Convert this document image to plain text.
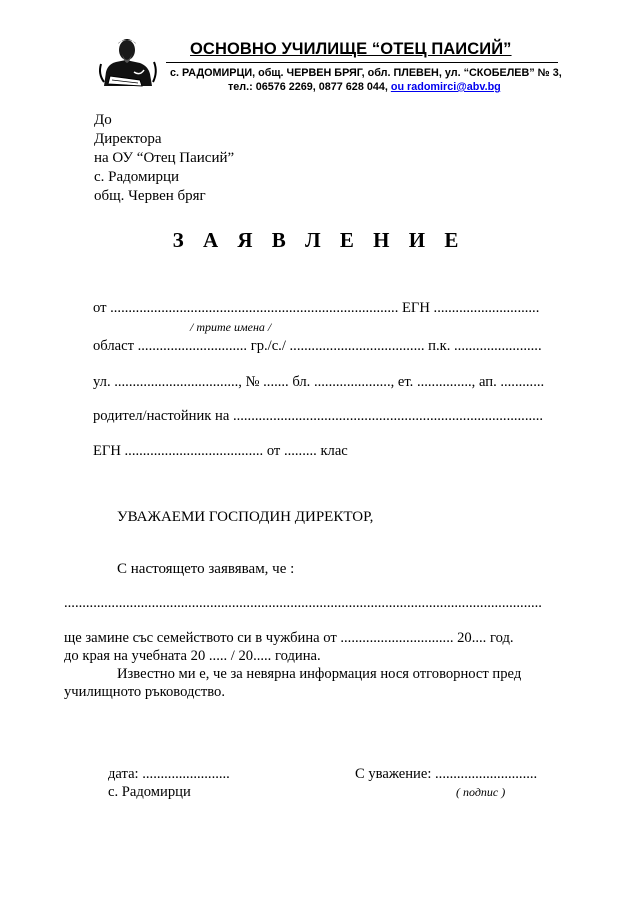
ОСНОВНО УЧИЛИЩЕ “ОТЕЦ ПАИСИЙ”
с. РАДОМИРЦИ, общ. ЧЕРВЕН БРЯГ, обл. ПЛЕВЕН, ул. “СКОБЕЛЕВ” № 3,
тел.: 06576 2269, 0877 628 044, ou radomirci@abv.bg
До
Директора
на ОУ “Отец Паисий”
с. Радомирци
общ. Червен бряг
З А Я В Л Е Н И Е
от ............................................................................... ЕГН .............................
/ трите имена /
област .............................. гр./с./ ..................................... п.к. ........................
ул. .................................., № ....... бл. ....................., ет. ..............., ап. ............
родител/настойник на .....................................................................................
ЕГН ...................................... от ......... клас
УВАЖАЕМИ ГОСПОДИН ДИРЕКТОР,
С настоящето заявявам, че :
...................................................................................................................................
ще замине със семейството си в чужбина от ............................... 20.... год.
до края на учебната 20 ..... / 20..... година.
Известно ми е, че за невярна информация нося отговорност пред
училищното ръководство.
дата: ........................
с. Радомирци
С уважение: ............................
( подпис )
